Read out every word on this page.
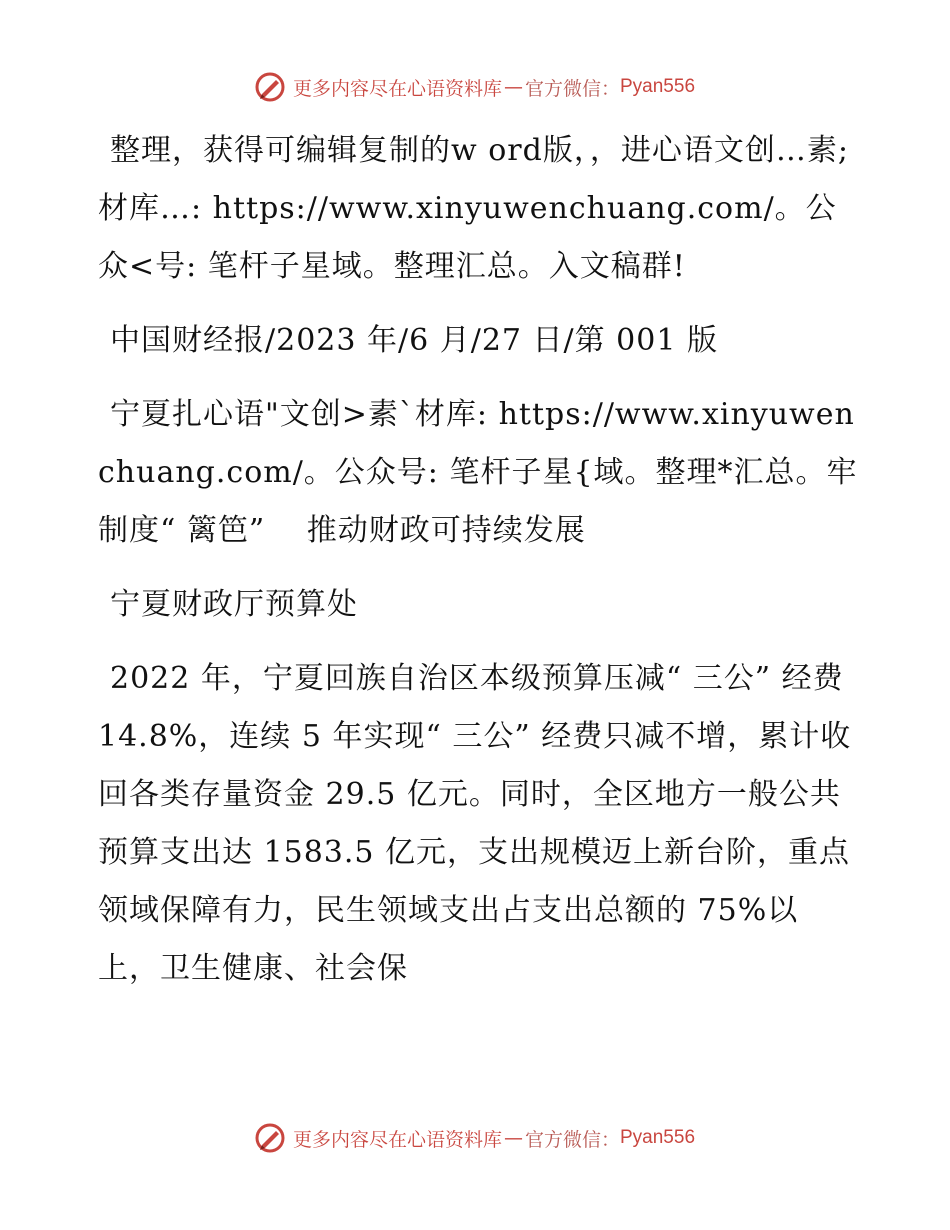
更多内容尽在心语资料库 — 官方微信： Pyan556

整理，获得可编辑复制的w ord版，，进心语文创…素;材库…: https://www.xinyuwenchuang.com/。公众<号: 笔杆子星域。整理汇总。入文稿群!

中国财经报/2023 年/6 月/27 日/第 001 版

宁夏扎心语"文创>素`材库: https://www.xinyuwenchuang.com/。公众号: 笔杆子星{域。整理*汇总。牢制度“ 篱笆”　 推动财政可持续发展

宁夏财政厅预算处

2022 年，宁夏回族自治区本级预算压减“ 三公” 经费 14.8%，连续 5 年实现“ 三公” 经费只减不增，累计收回各类存量资金 29.5 亿元。同时，全区地方一般公共预算支出达 1583.5 亿元，支出规模迈上新台阶，重点领域保障有力，民生领域支出占支出总额的 75%以上，卫生健康、社会保

更多内容尽在心语资料库 — 官方微信： Pyan556
